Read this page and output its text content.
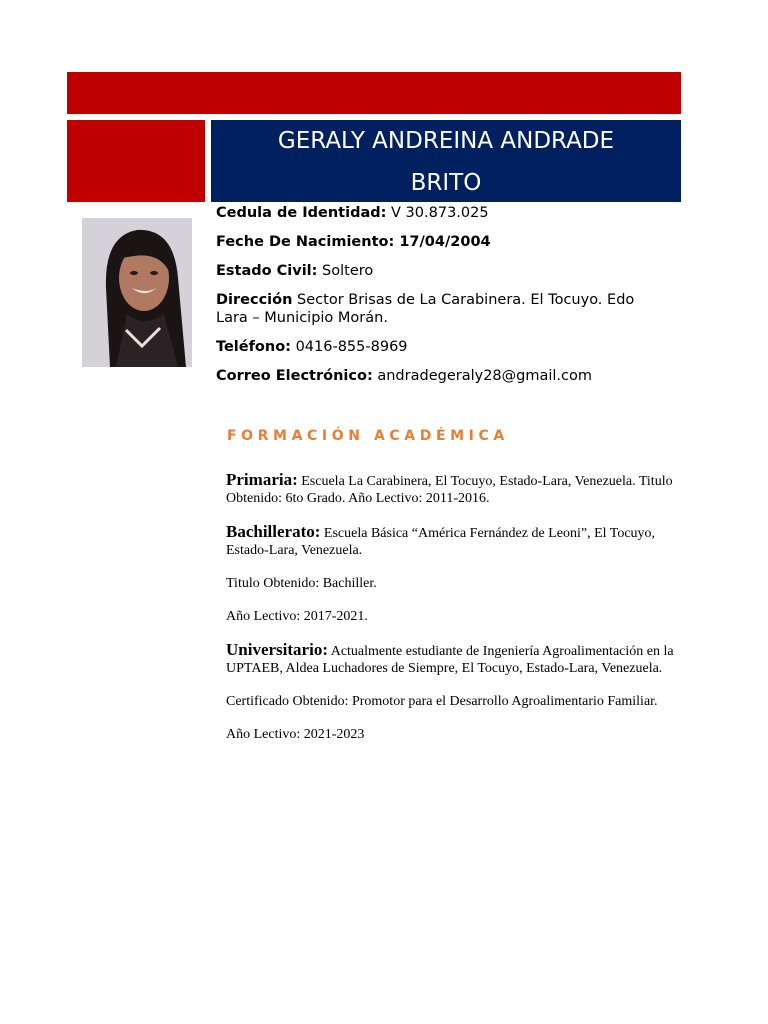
GERALY ANDREINA ANDRADE
BRITO
Cedula de Identidad: V 30.873.025
Feche De Nacimiento: 17/04/2004
Estado Civil: Soltero
Dirección Sector Brisas de La Carabinera. El Tocuyo. Edo Lara – Municipio Morán.
Teléfono: 0416-855-8969
Correo Electrónico: andradegeraly28@gmail.com
FORMACIÓN ACADÉMICA

Primaria: Escuela La Carabinera, El Tocuyo, Estado-Lara, Venezuela. Titulo Obtenido: 6to Grado. Año Lectivo: 2011-2016.

Bachillerato: Escuela Básica “América Fernández de Leoni”, El Tocuyo, Estado-Lara, Venezuela.

Titulo Obtenido: Bachiller.

Año Lectivo: 2017-2021.

Universitario: Actualmente estudiante de Ingeniería Agroalimentación en la UPTAEB, Aldea Luchadores de Siempre, El Tocuyo, Estado-Lara, Venezuela.

Certificado Obtenido: Promotor para el Desarrollo Agroalimentario Familiar.

Año Lectivo: 2021-2023
